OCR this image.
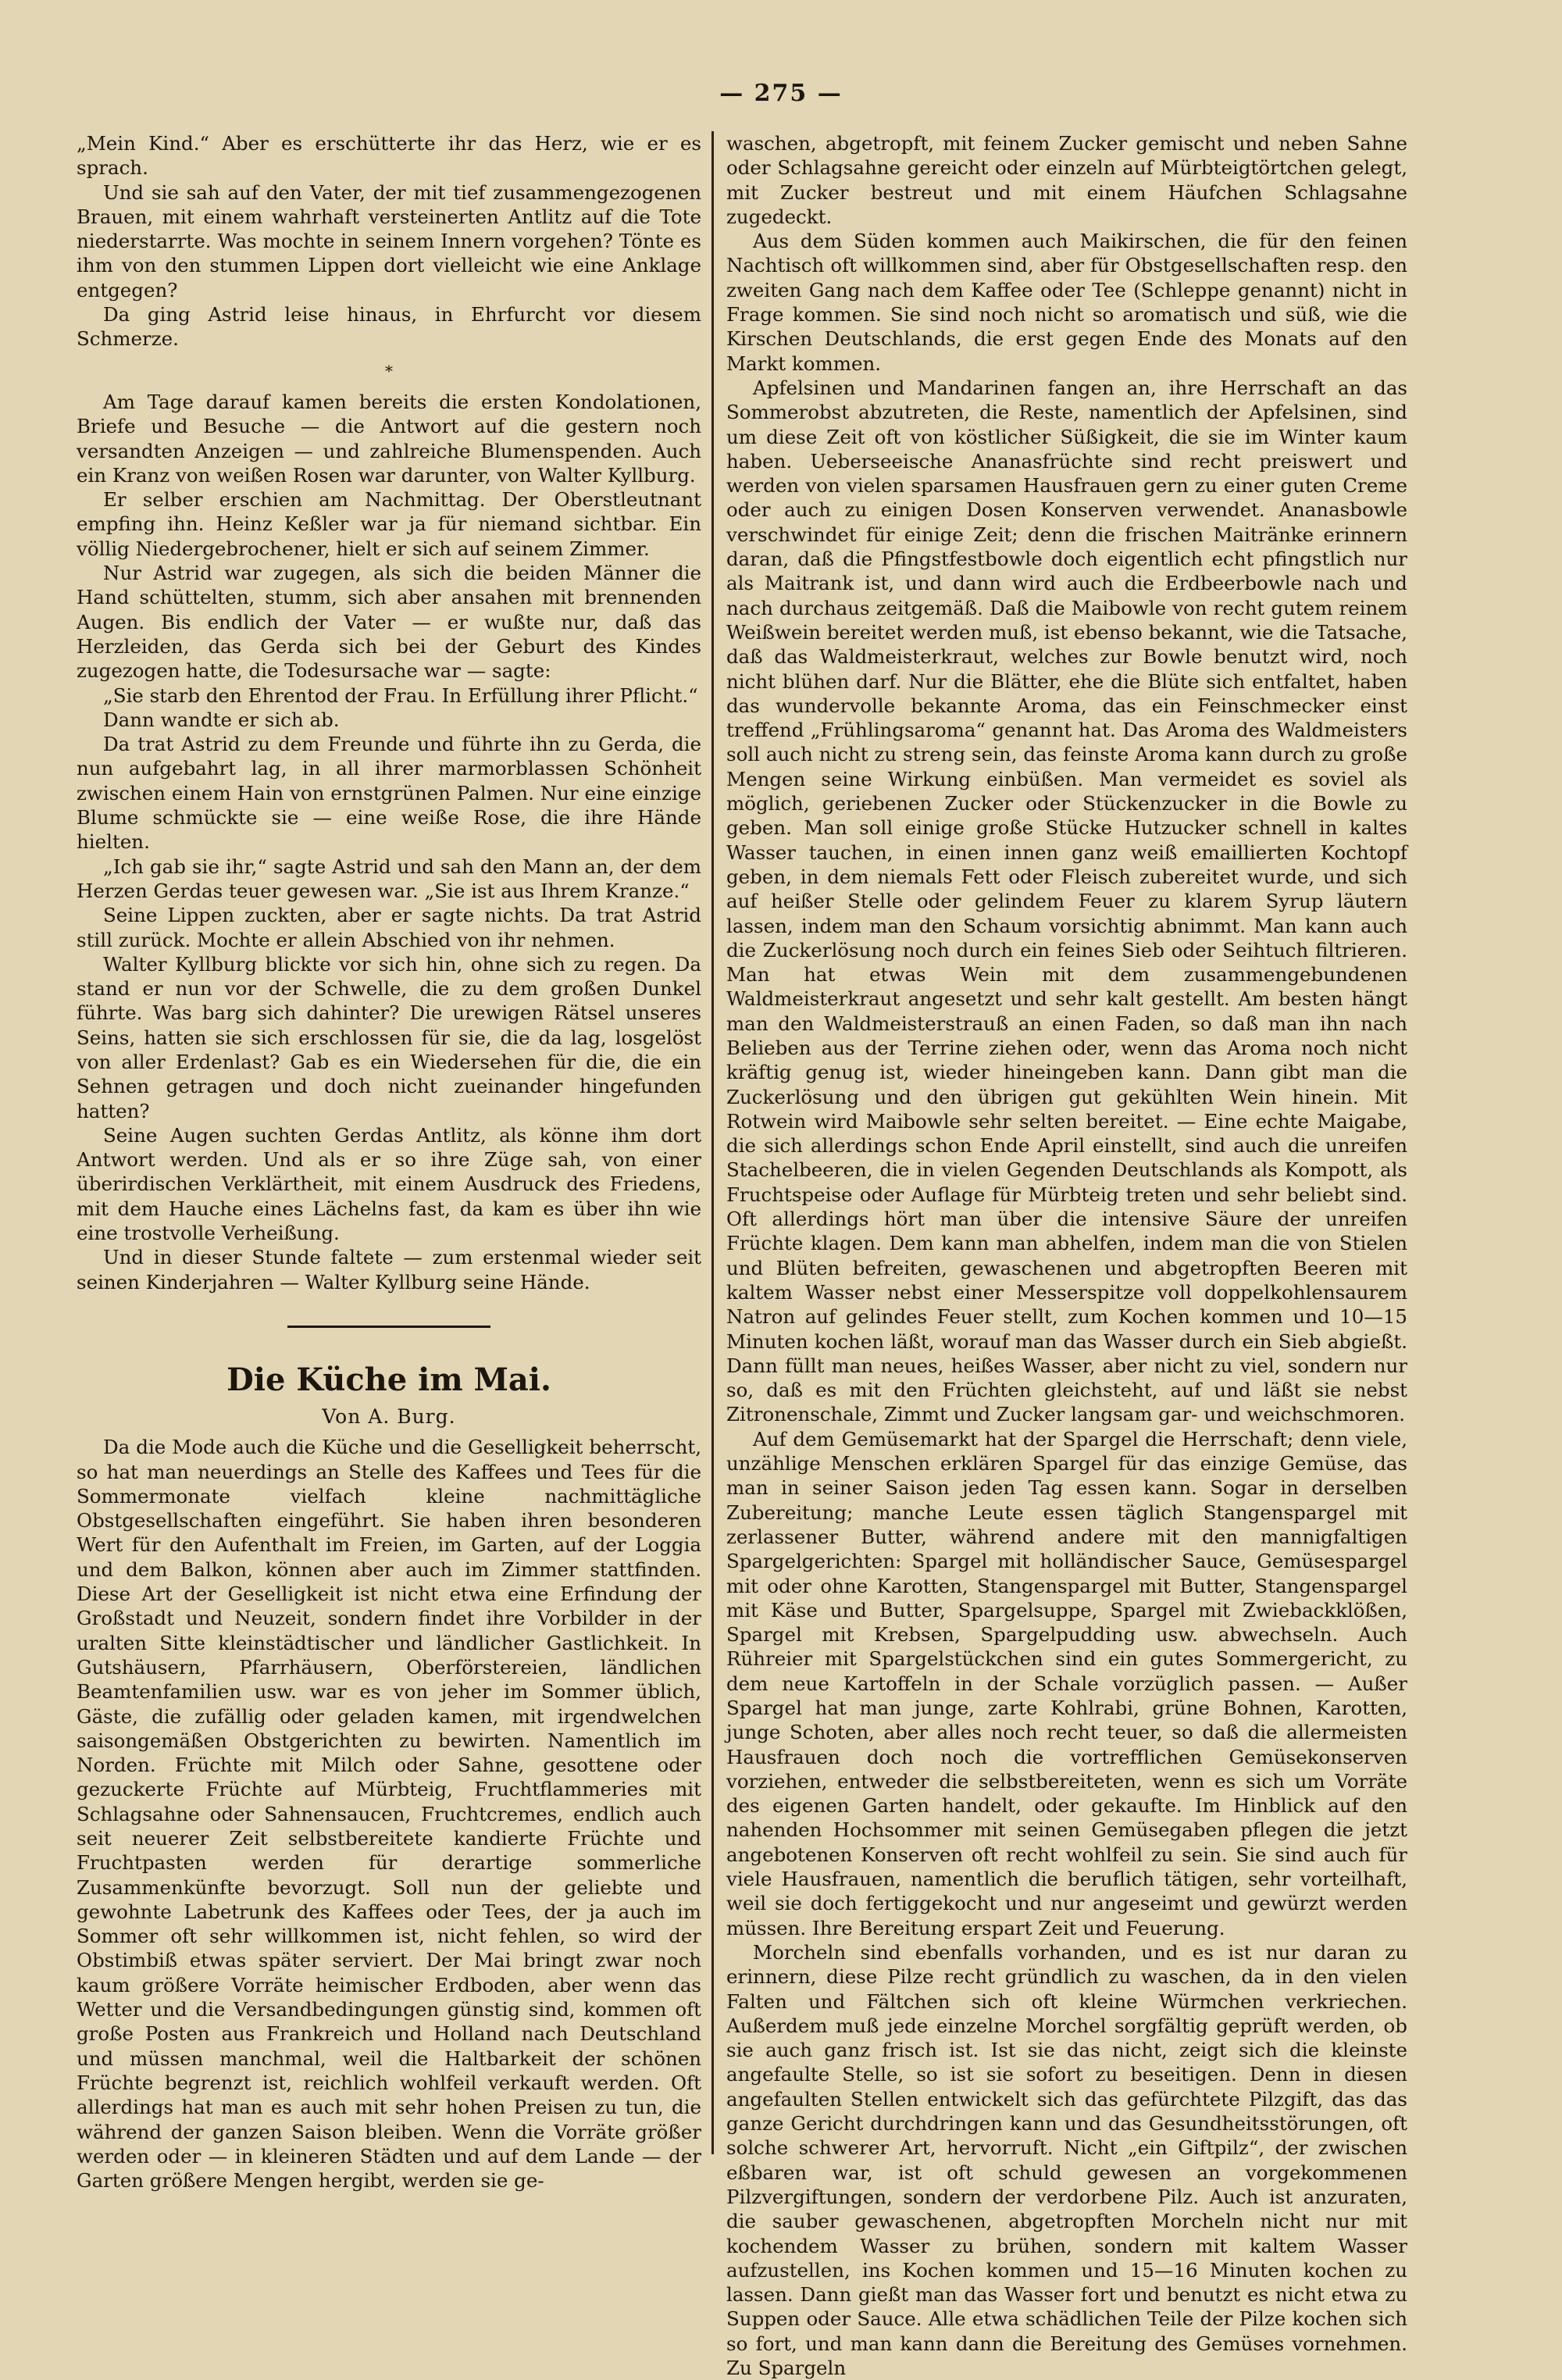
— 275 —

„Mein Kind.“ Aber es erschütterte ihr das Herz, wie er es sprach.

Und sie sah auf den Vater, der mit tief zusammengezogenen Brauen, mit einem wahrhaft versteinerten Antlitz auf die Tote niederstarrte. Was mochte in seinem Innern vorgehen? Tönte es ihm von den stummen Lippen dort vielleicht wie eine Anklage entgegen?

Da ging Astrid leise hinaus, in Ehrfurcht vor diesem Schmerze.

*

Am Tage darauf kamen bereits die ersten Kondolationen, Briefe und Besuche — die Antwort auf die gestern noch versandten Anzeigen — und zahlreiche Blumenspenden. Auch ein Kranz von weißen Rosen war darunter, von Walter Kyllburg.

Er selber erschien am Nachmittag. Der Oberstleutnant empfing ihn. Heinz Keßler war ja für niemand sichtbar. Ein völlig Niedergebrochener, hielt er sich auf seinem Zimmer.

Nur Astrid war zugegen, als sich die beiden Männer die Hand schüttelten, stumm, sich aber ansahen mit brennenden Augen. Bis endlich der Vater — er wußte nur, daß das Herzleiden, das Gerda sich bei der Geburt des Kindes zugezogen hatte, die Todesursache war — sagte:

„Sie starb den Ehrentod der Frau. In Erfüllung ihrer Pflicht.“

Dann wandte er sich ab.

Da trat Astrid zu dem Freunde und führte ihn zu Gerda, die nun aufgebahrt lag, in all ihrer marmorblassen Schönheit zwischen einem Hain von ernstgrünen Palmen. Nur eine einzige Blume schmückte sie — eine weiße Rose, die ihre Hände hielten.

„Ich gab sie ihr,“ sagte Astrid und sah den Mann an, der dem Herzen Gerdas teuer gewesen war. „Sie ist aus Ihrem Kranze.“

Seine Lippen zuckten, aber er sagte nichts. Da trat Astrid still zurück. Mochte er allein Abschied von ihr nehmen.

Walter Kyllburg blickte vor sich hin, ohne sich zu regen. Da stand er nun vor der Schwelle, die zu dem großen Dunkel führte. Was barg sich dahinter? Die urewigen Rätsel unseres Seins, hatten sie sich erschlossen für sie, die da lag, losgelöst von aller Erdenlast? Gab es ein Wiedersehen für die, die ein Sehnen getragen und doch nicht zueinander hingefunden hatten?

Seine Augen suchten Gerdas Antlitz, als könne ihm dort Antwort werden. Und als er so ihre Züge sah, von einer überirdischen Verklärtheit, mit einem Ausdruck des Friedens, mit dem Hauche eines Lächelns fast, da kam es über ihn wie eine trostvolle Verheißung.

Und in dieser Stunde faltete — zum erstenmal wieder seit seinen Kinderjahren — Walter Kyllburg seine Hände.

Die Küche im Mai.
Von A. Burg.

Da die Mode auch die Küche und die Geselligkeit beherrscht, so hat man neuerdings an Stelle des Kaffees und Tees für die Sommermonate vielfach kleine nachmittägliche Obstgesellschaften eingeführt. Sie haben ihren besonderen Wert für den Aufenthalt im Freien, im Garten, auf der Loggia und dem Balkon, können aber auch im Zimmer stattfinden. Diese Art der Geselligkeit ist nicht etwa eine Erfindung der Großstadt und Neuzeit, sondern findet ihre Vorbilder in der uralten Sitte kleinstädtischer und ländlicher Gastlichkeit. In Gutshäusern, Pfarrhäusern, Oberförstereien, ländlichen Beamtenfamilien usw. war es von jeher im Sommer üblich, Gäste, die zufällig oder geladen kamen, mit irgendwelchen saisongemäßen Obstgerichten zu bewirten. Namentlich im Norden. Früchte mit Milch oder Sahne, gesottene oder gezuckerte Früchte auf Mürbteig, Fruchtflammeries mit Schlagsahne oder Sahnensaucen, Fruchtcremes, endlich auch seit neuerer Zeit selbstbereitete kandierte Früchte und Fruchtpasten werden für derartige sommerliche Zusammenkünfte bevorzugt. Soll nun der geliebte und gewohnte Labetrunk des Kaffees oder Tees, der ja auch im Sommer oft sehr willkommen ist, nicht fehlen, so wird der Obstimbiß etwas später serviert. Der Mai bringt zwar noch kaum größere Vorräte heimischer Erdboden, aber wenn das Wetter und die Versandbedingungen günstig sind, kommen oft große Posten aus Frankreich und Holland nach Deutschland und müssen manchmal, weil die Haltbarkeit der schönen Früchte begrenzt ist, reichlich wohlfeil verkauft werden. Oft allerdings hat man es auch mit sehr hohen Preisen zu tun, die während der ganzen Saison bleiben. Wenn die Vorräte größer werden oder — in kleineren Städten und auf dem Lande — der Garten größere Mengen hergibt, werden sie ge-

waschen, abgetropft, mit feinem Zucker gemischt und neben Sahne oder Schlagsahne gereicht oder einzeln auf Mürbteigtörtchen gelegt, mit Zucker bestreut und mit einem Häufchen Schlagsahne zugedeckt.

Aus dem Süden kommen auch Maikirschen, die für den feinen Nachtisch oft willkommen sind, aber für Obstgesellschaften resp. den zweiten Gang nach dem Kaffee oder Tee (Schleppe genannt) nicht in Frage kommen. Sie sind noch nicht so aromatisch und süß, wie die Kirschen Deutschlands, die erst gegen Ende des Monats auf den Markt kommen.

Apfelsinen und Mandarinen fangen an, ihre Herrschaft an das Sommerobst abzutreten, die Reste, namentlich der Apfelsinen, sind um diese Zeit oft von köstlicher Süßigkeit, die sie im Winter kaum haben. Ueberseeische Ananasfrüchte sind recht preiswert und werden von vielen sparsamen Hausfrauen gern zu einer guten Creme oder auch zu einigen Dosen Konserven verwendet. Ananasbowle verschwindet für einige Zeit; denn die frischen Maitränke erinnern daran, daß die Pfingstfestbowle doch eigentlich echt pfingstlich nur als Maitrank ist, und dann wird auch die Erdbeerbowle nach und nach durchaus zeitgemäß. Daß die Maibowle von recht gutem reinem Weißwein bereitet werden muß, ist ebenso bekannt, wie die Tatsache, daß das Waldmeisterkraut, welches zur Bowle benutzt wird, noch nicht blühen darf. Nur die Blätter, ehe die Blüte sich entfaltet, haben das wundervolle bekannte Aroma, das ein Feinschmecker einst treffend „Frühlingsaroma“ genannt hat. Das Aroma des Waldmeisters soll auch nicht zu streng sein, das feinste Aroma kann durch zu große Mengen seine Wirkung einbüßen. Man vermeidet es soviel als möglich, geriebenen Zucker oder Stückenzucker in die Bowle zu geben. Man soll einige große Stücke Hutzucker schnell in kaltes Wasser tauchen, in einen innen ganz weiß emaillierten Kochtopf geben, in dem niemals Fett oder Fleisch zubereitet wurde, und sich auf heißer Stelle oder gelindem Feuer zu klarem Syrup läutern lassen, indem man den Schaum vorsichtig abnimmt. Man kann auch die Zuckerlösung noch durch ein feines Sieb oder Seihtuch filtrieren. Man hat etwas Wein mit dem zusammengebundenen Waldmeisterkraut angesetzt und sehr kalt gestellt. Am besten hängt man den Waldmeisterstrauß an einen Faden, so daß man ihn nach Belieben aus der Terrine ziehen oder, wenn das Aroma noch nicht kräftig genug ist, wieder hineingeben kann. Dann gibt man die Zuckerlösung und den übrigen gut gekühlten Wein hinein. Mit Rotwein wird Maibowle sehr selten bereitet. — Eine echte Maigabe, die sich allerdings schon Ende April einstellt, sind auch die unreifen Stachelbeeren, die in vielen Gegenden Deutschlands als Kompott, als Fruchtspeise oder Auflage für Mürbteig treten und sehr beliebt sind. Oft allerdings hört man über die intensive Säure der unreifen Früchte klagen. Dem kann man abhelfen, indem man die von Stielen und Blüten befreiten, gewaschenen und abgetropften Beeren mit kaltem Wasser nebst einer Messerspitze voll doppelkohlensaurem Natron auf gelindes Feuer stellt, zum Kochen kommen und 10—15 Minuten kochen läßt, worauf man das Wasser durch ein Sieb abgießt. Dann füllt man neues, heißes Wasser, aber nicht zu viel, sondern nur so, daß es mit den Früchten gleichsteht, auf und läßt sie nebst Zitronenschale, Zimmt und Zucker langsam gar- und weichschmoren.

Auf dem Gemüsemarkt hat der Spargel die Herrschaft; denn viele, unzählige Menschen erklären Spargel für das einzige Gemüse, das man in seiner Saison jeden Tag essen kann. Sogar in derselben Zubereitung; manche Leute essen täglich Stangenspargel mit zerlassener Butter, während andere mit den mannigfaltigen Spargelgerichten: Spargel mit holländischer Sauce, Gemüsespargel mit oder ohne Karotten, Stangenspargel mit Butter, Stangenspargel mit Käse und Butter, Spargelsuppe, Spargel mit Zwiebackklößen, Spargel mit Krebsen, Spargelpudding usw. abwechseln. Auch Rühreier mit Spargelstückchen sind ein gutes Sommergericht, zu dem neue Kartoffeln in der Schale vorzüglich passen. — Außer Spargel hat man junge, zarte Kohlrabi, grüne Bohnen, Karotten, junge Schoten, aber alles noch recht teuer, so daß die allermeisten Hausfrauen doch noch die vortrefflichen Gemüsekonserven vorziehen, entweder die selbstbereiteten, wenn es sich um Vorräte des eigenen Garten handelt, oder gekaufte. Im Hinblick auf den nahenden Hochsommer mit seinen Gemüsegaben pflegen die jetzt angebotenen Konserven oft recht wohlfeil zu sein. Sie sind auch für viele Hausfrauen, namentlich die beruflich tätigen, sehr vorteilhaft, weil sie doch fertiggekocht und nur angeseimt und gewürzt werden müssen. Ihre Bereitung erspart Zeit und Feuerung.

Morcheln sind ebenfalls vorhanden, und es ist nur daran zu erinnern, diese Pilze recht gründlich zu waschen, da in den vielen Falten und Fältchen sich oft kleine Würmchen verkriechen. Außerdem muß jede einzelne Morchel sorgfältig geprüft werden, ob sie auch ganz frisch ist. Ist sie das nicht, zeigt sich die kleinste angefaulte Stelle, so ist sie sofort zu beseitigen. Denn in diesen angefaulten Stellen entwickelt sich das gefürchtete Pilzgift, das das ganze Gericht durchdringen kann und das Gesundheitsstörungen, oft solche schwerer Art, hervorruft. Nicht „ein Giftpilz“, der zwischen eßbaren war, ist oft schuld gewesen an vorgekommenen Pilzvergiftungen, sondern der verdorbene Pilz. Auch ist anzuraten, die sauber gewaschenen, abgetropften Morcheln nicht nur mit kochendem Wasser zu brühen, sondern mit kaltem Wasser aufzustellen, ins Kochen kommen und 15—16 Minuten kochen zu lassen. Dann gießt man das Wasser fort und benutzt es nicht etwa zu Suppen oder Sauce. Alle etwa schädlichen Teile der Pilze kochen sich so fort, und man kann dann die Bereitung des Gemüses vornehmen. Zu Spargeln
